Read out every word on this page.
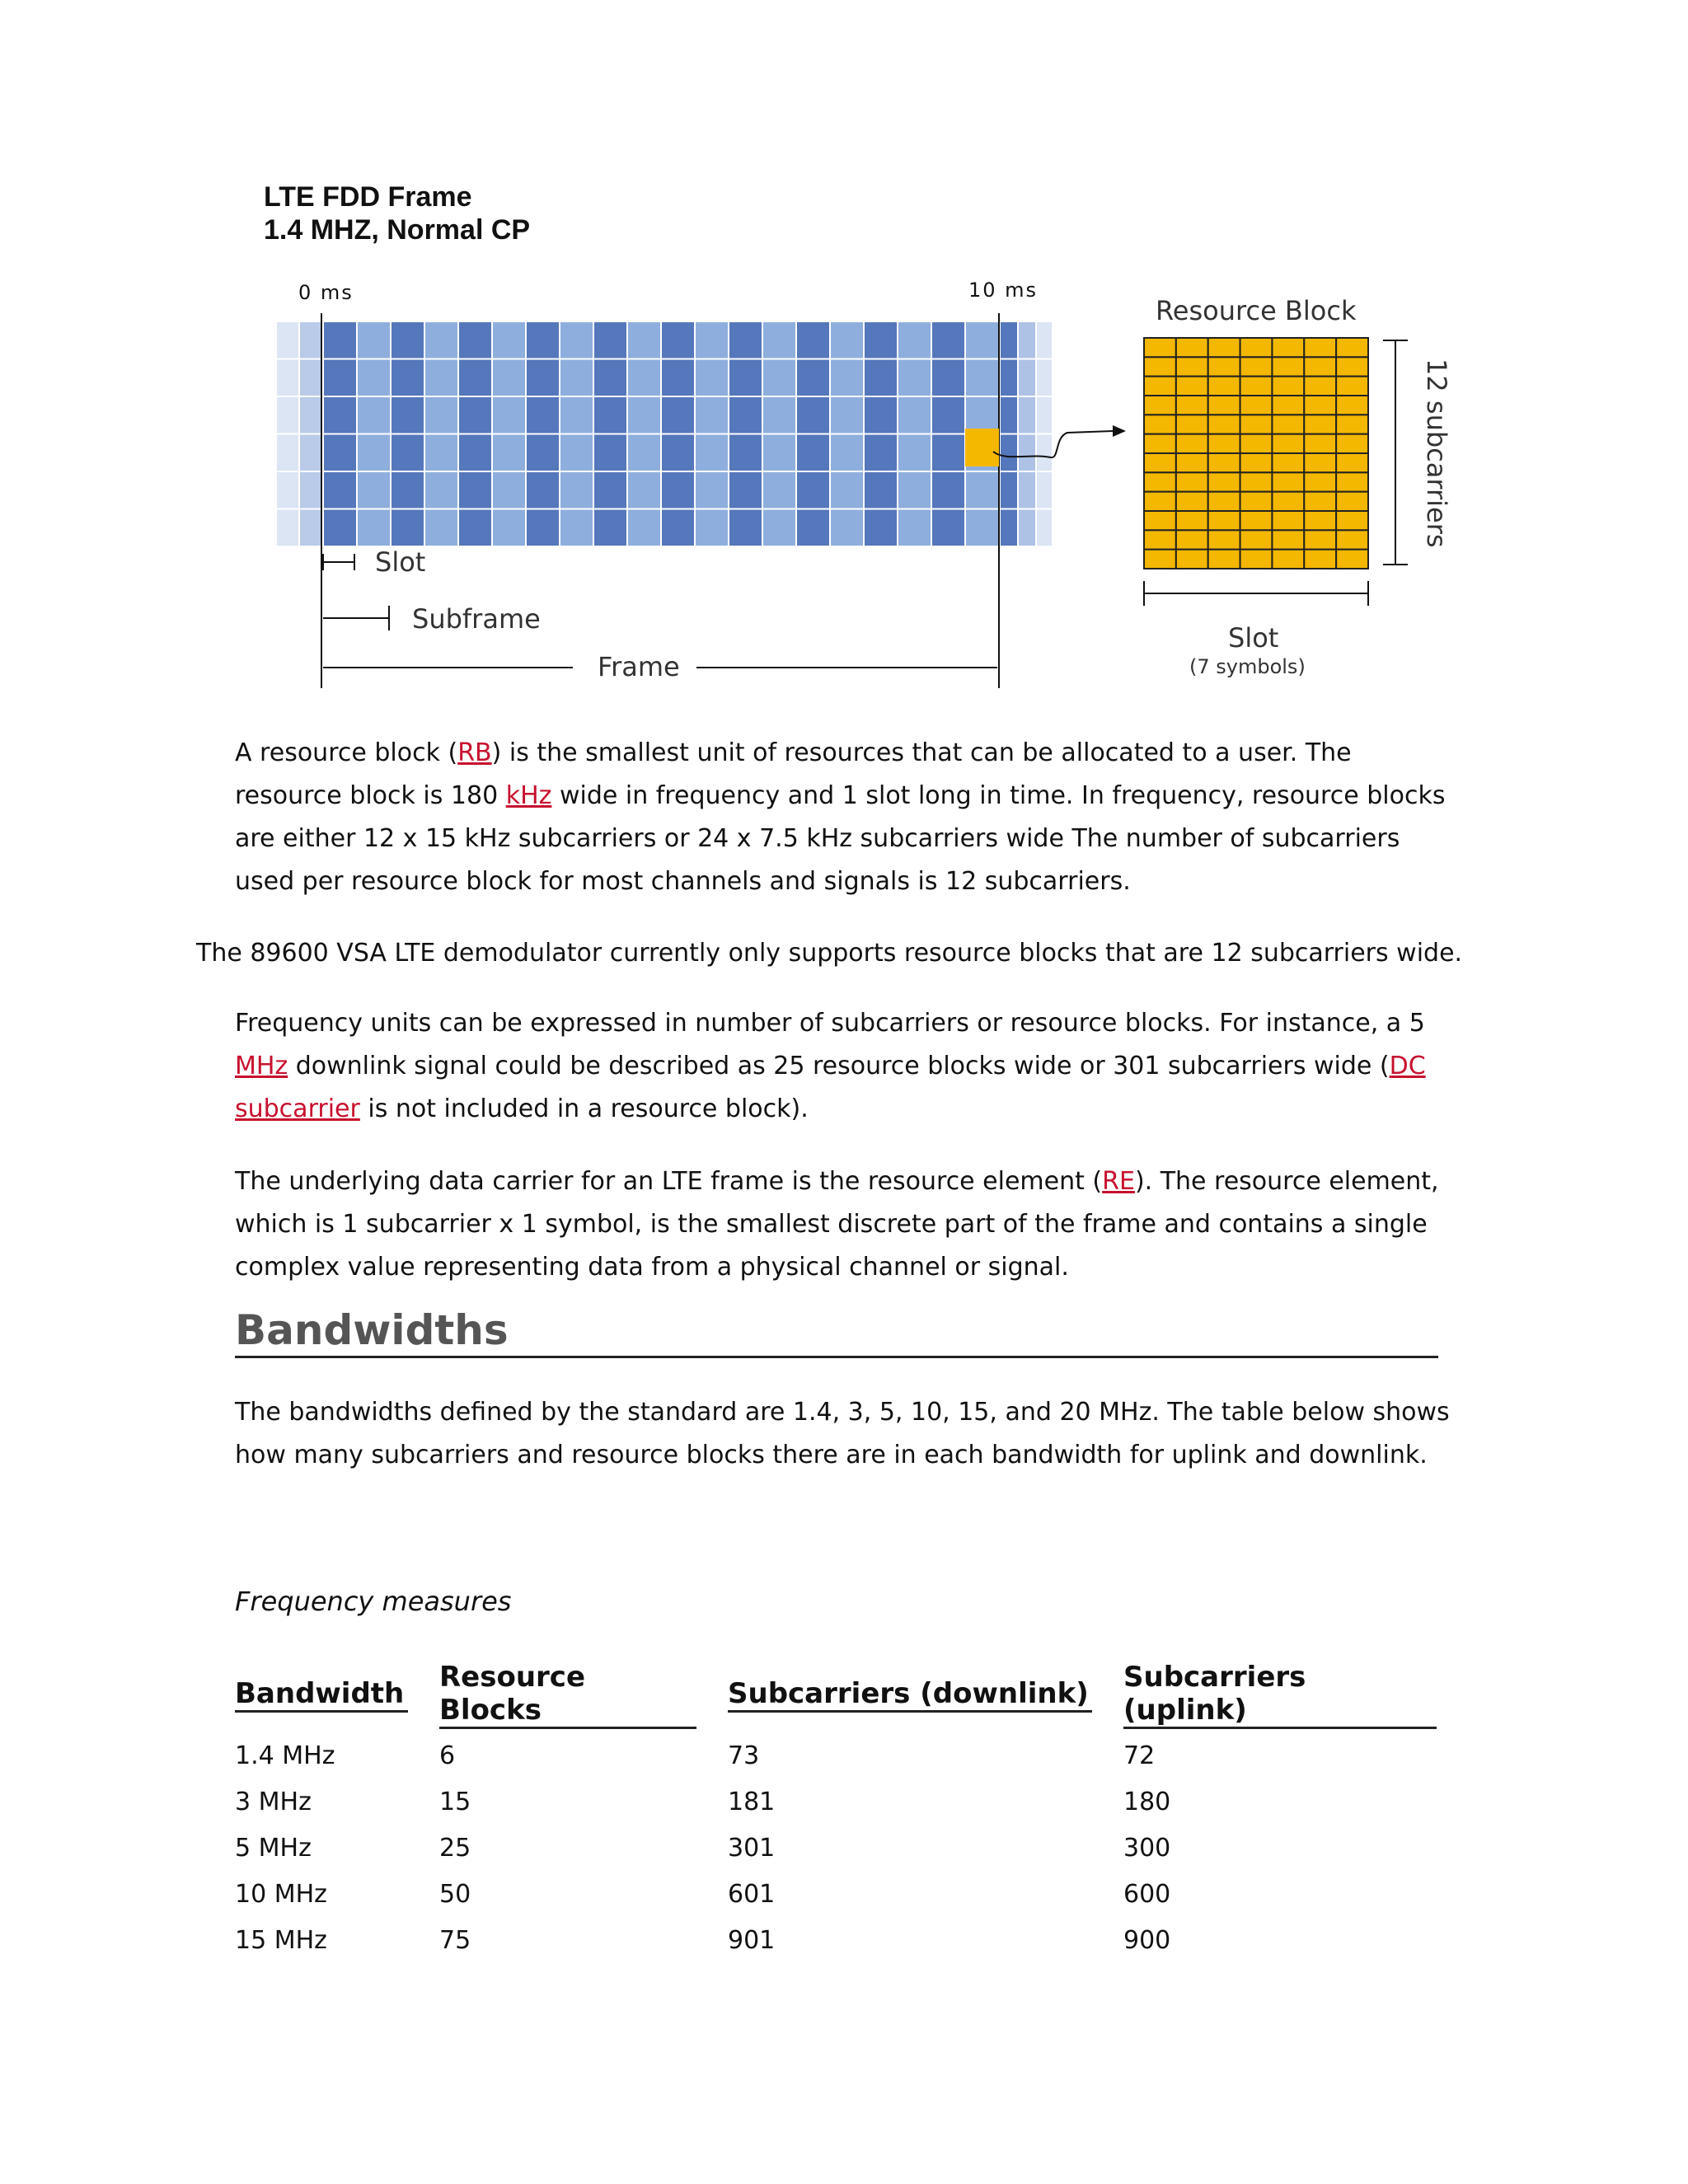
LTE FDD Frame
1.4 MHZ, Normal CP
0 ms	10 ms
Slot
Subframe
Frame
Resource Block
12 subcarriers
Slot
(7 symbols)

A resource block (RB) is the smallest unit of resources that can be allocated to a user. The resource block is 180 kHz wide in frequency and 1 slot long in time. In frequency, resource blocks are either 12 x 15 kHz subcarriers or 24 x 7.5 kHz subcarriers wide The number of subcarriers used per resource block for most channels and signals is 12 subcarriers.

The 89600 VSA LTE demodulator currently only supports resource blocks that are 12 subcarriers wide.

Frequency units can be expressed in number of subcarriers or resource blocks. For instance, a 5 MHz downlink signal could be described as 25 resource blocks wide or 301 subcarriers wide (DC subcarrier is not included in a resource block).

The underlying data carrier for an LTE frame is the resource element (RE). The resource element, which is 1 subcarrier x 1 symbol, is the smallest discrete part of the frame and contains a single complex value representing data from a physical channel or signal.

Bandwidths

The bandwidths defined by the standard are 1.4, 3, 5, 10, 15, and 20 MHz. The table below shows how many subcarriers and resource blocks there are in each bandwidth for uplink and downlink.

Frequency measures

Bandwidth	Resource Blocks	Subcarriers (downlink)	Subcarriers (uplink)
1.4 MHz	6	73	72
3 MHz	15	181	180
5 MHz	25	301	300
10 MHz	50	601	600
15 MHz	75	901	900
